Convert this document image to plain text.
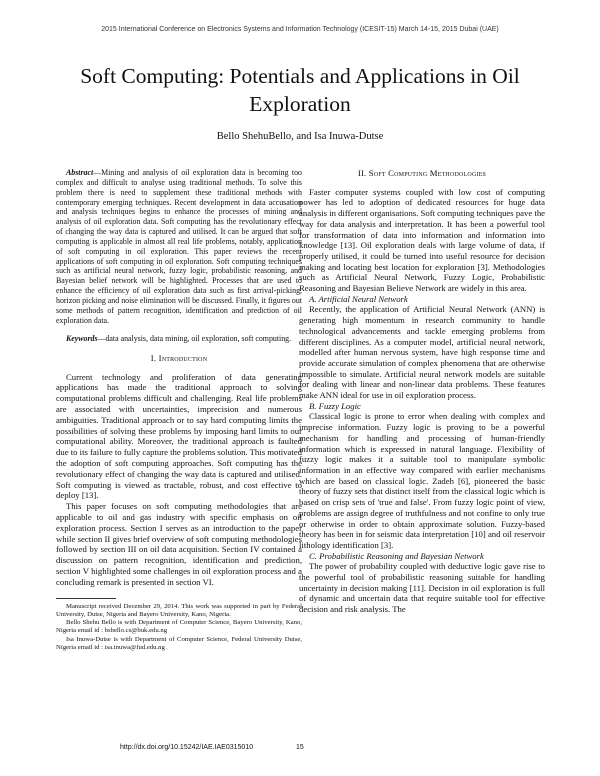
2015 International Conference on Electronics Systems and Information Technology (ICESIT-15) March 14-15, 2015 Dubai (UAE)
Soft Computing: Potentials and Applications in Oil Exploration
Bello ShehuBello, and Isa Inuwa-Dutse

Abstract—Mining and analysis of oil exploration data is becoming too complex and difficult to analyse using traditional methods. To solve this problem there is need to supplement these traditional methods with contemporary emerging techniques. Recent development in data accusation and analysis techniques begins to enhance the processes of mining and analysis of oil exploration data. Soft computing has the revolutionary effect of changing the way data is captured and utilised. It can be argued that soft computing is applicable in almost all real life problems, notably, application of soft computing in oil exploration. This paper reviews the recent applications of soft computing in oil exploration. Soft computing techniques such as artificial neural network, fuzzy logic, probabilistic reasoning, and Bayesian belief network will be highlighted. Processes that are used to enhance the efficiency of oil exploration data such as first arrival-picking, horizon picking and noise elimination will be discussed. Finally, it figures out some methods of pattern recognition, identification and prediction of oil exploration data.

Keywords—data analysis, data mining, oil exploration, soft computing.

I. Introduction

Current technology and proliferation of data generating applications has made the traditional approach to solving computational problems difficult and challenging. Real life problems are associated with uncertainties, imprecision and numerous ambiguities. Traditional approach or to say hard computing limits the possibilities of solving these problems by imposing hard limits to our computational ability. Moreover, the traditional approach is faulted due to its failure to fully capture the problems solution. This motivated the adoption of soft computing approaches. Soft computing has the revolutionary effect of changing the way data is captured and utilised. Soft computing is viewed as tractable, robust, and cost effective to deploy [13].

This paper focuses on soft computing methodologies that are applicable to oil and gas industry with specific emphasis on oil exploration process. Section I serves as an introduction to the paper while section II gives brief overview of soft computing methodologies followed by section III on oil data acquisition. Section IV contained a discussion on pattern recognition, identification and prediction, section V highlighted some challenges in oil exploration process and a concluding remark is presented in section VI.

Manuscript received December 29, 2014. This work was supported in part by Federal University, Dutse, Nigeria and Bayero University, Kano, Nigeria.

Bello Shehu Bello is with Department of Computer Science, Bayero University, Kano, Nigeria email id : bsbello.cs@buk.edu.ng

Isa Inuwa-Dutse is with Department of Computer Science, Federal University Dutse, Nigeria email id : isa.inuwa@fud.edu.ng

II. Soft Computing Methodologies

Faster computer systems coupled with low cost of computing power has led to adoption of dedicated resources for huge data analysis in different organisations. Soft computing techniques pave the way for data analysis and interpretation. It has been a powerful tool for transformation of data into information and information into knowledge [13]. Oil exploration deals with large volume of data, if properly utilised, it could be turned into useful resource for decision making and locating best location for exploration [3]. Methodologies such as Artificial Neural Network, Fuzzy Logic, Probabilistic Reasoning and Bayesian Believe Network are widely in this area.

A. Artificial Neural Network

Recently, the application of Artificial Neural Network (ANN) is generating high momentum in research community to handle technological advancements and tackle emerging problems from different disciplines. As a computer model, artificial neural network, modelled after human nervous system, have high response time and provide accurate simulation of complex phenomena that are otherwise impossible to simulate. Artificial neural network models are suitable for dealing with linear and non-linear data problems. These features make ANN ideal for use in oil exploration process.

B. Fuzzy Logic

Classical logic is prone to error when dealing with complex and imprecise information. Fuzzy logic is proving to be a powerful mechanism for handling and processing of human-friendly information which is expressed in natural language. Flexibility of fuzzy logic makes it a suitable tool to manipulate symbolic information in an effective way compared with earlier mechanisms which are based on classical logic. Zadeh [6], pioneered the basic theory of fuzzy sets that distinct itself from the classical logic which is based on crisp sets of 'true and false'. From fuzzy logic point of view, problems are assign degree of truthfulness and not confine to only true or otherwise in order to obtain approximate solution. Fuzzy-based theory has been in for seismic data interpretation [10] and oil reservoir lithology identification [3].

C. Probabilistic Reasoning and Bayesian Network

The power of probability coupled with deductive logic gave rise to the powerful tool of probabilistic reasoning suitable for handling uncertainty in decision making [11]. Decision in oil exploration is full of dynamic and uncertain data that require suitable tool for effective decision and risk analysis. The

http://dx.doi.org/10.15242/IAE.IAE0315010	15
